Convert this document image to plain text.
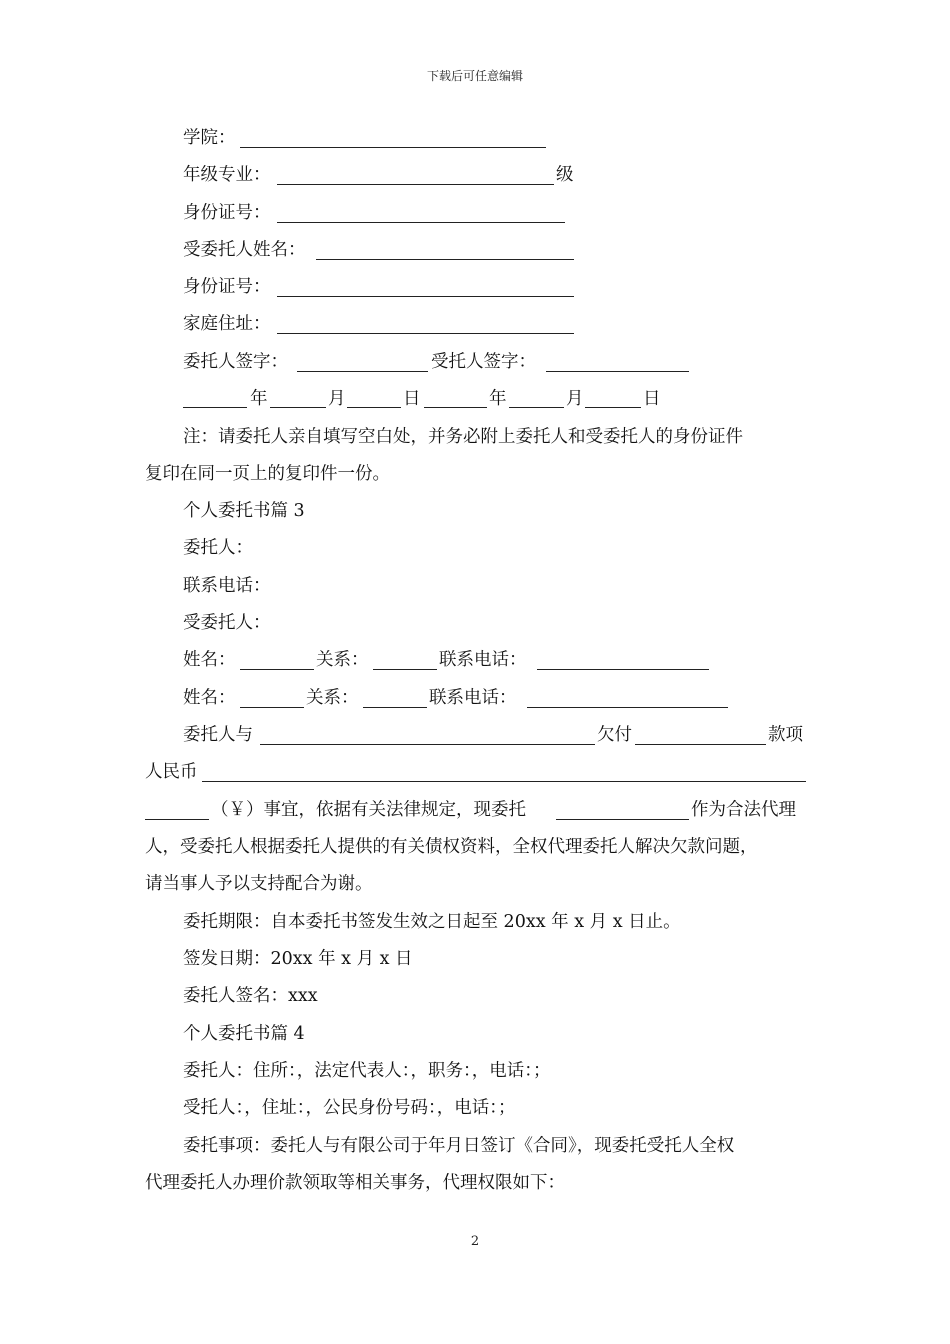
下载后可任意编辑
学院：
年级专业：	级
身份证号：
受委托人姓名：
身份证号：
家庭住址：
委托人签字：	受托人签字：
年	月	日	年	月	日
注：请委托人亲自填写空白处，并务必附上委托人和受委托人的身份证件
复印在同一页上的复印件一份。
个人委托书篇 3
委托人：
联系电话：
受委托人：
姓名：	关系：	联系电话：
姓名：	关系：	联系电话：
委托人与	欠付	款项
人民币
（￥）事宜，依据有关法律规定，现委托	作为合法代理
人，受委托人根据委托人提供的有关债权资料，全权代理委托人解决欠款问题，
请当事人予以支持配合为谢。
委托期限：自本委托书签发生效之日起至 20xx 年 x 月 x 日止。
签发日期：20xx 年 x 月 x 日
委托人签名：xxx
个人委托书篇 4
委托人：住所：，法定代表人：，职务：，电话：；
受托人：，住址：，公民身份号码：，电话：；
委托事项：委托人与有限公司于年月日签订《合同》，现委托受托人全权
代理委托人办理价款领取等相关事务，代理权限如下：
2
